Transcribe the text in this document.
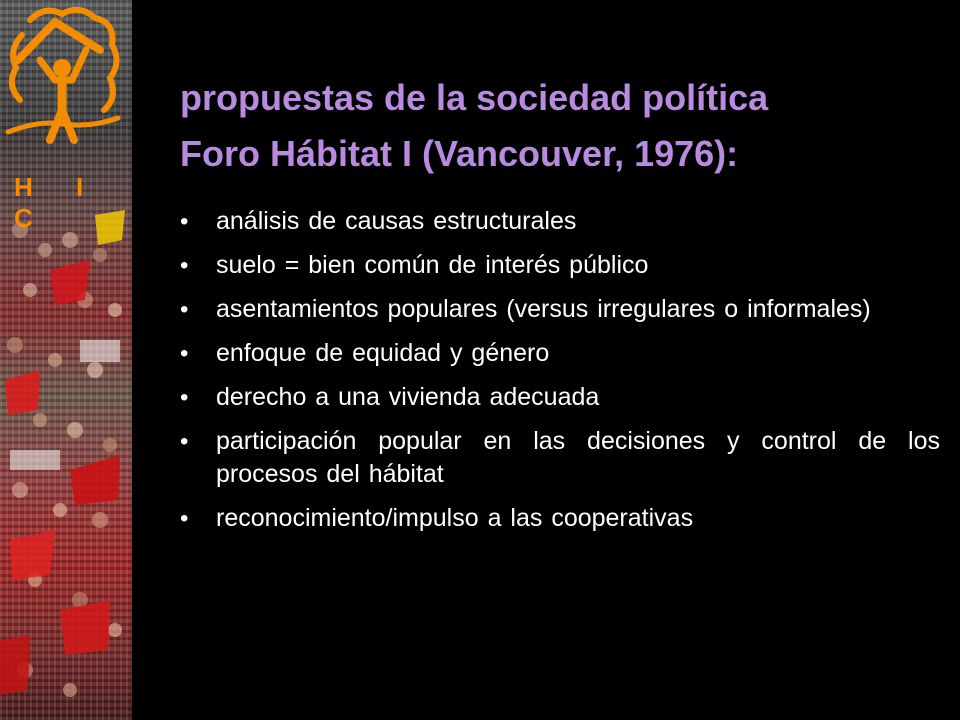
H I C

propuestas de la sociedad política

Foro Hábitat I (Vancouver, 1976):

• análisis de causas estructurales
• suelo = bien común de interés público
• asentamientos populares (versus irregulares o informales)
• enfoque de equidad y género
• derecho a una vivienda adecuada
• participación popular en las decisiones y control de los procesos del hábitat
• reconocimiento/impulso a las cooperativas
